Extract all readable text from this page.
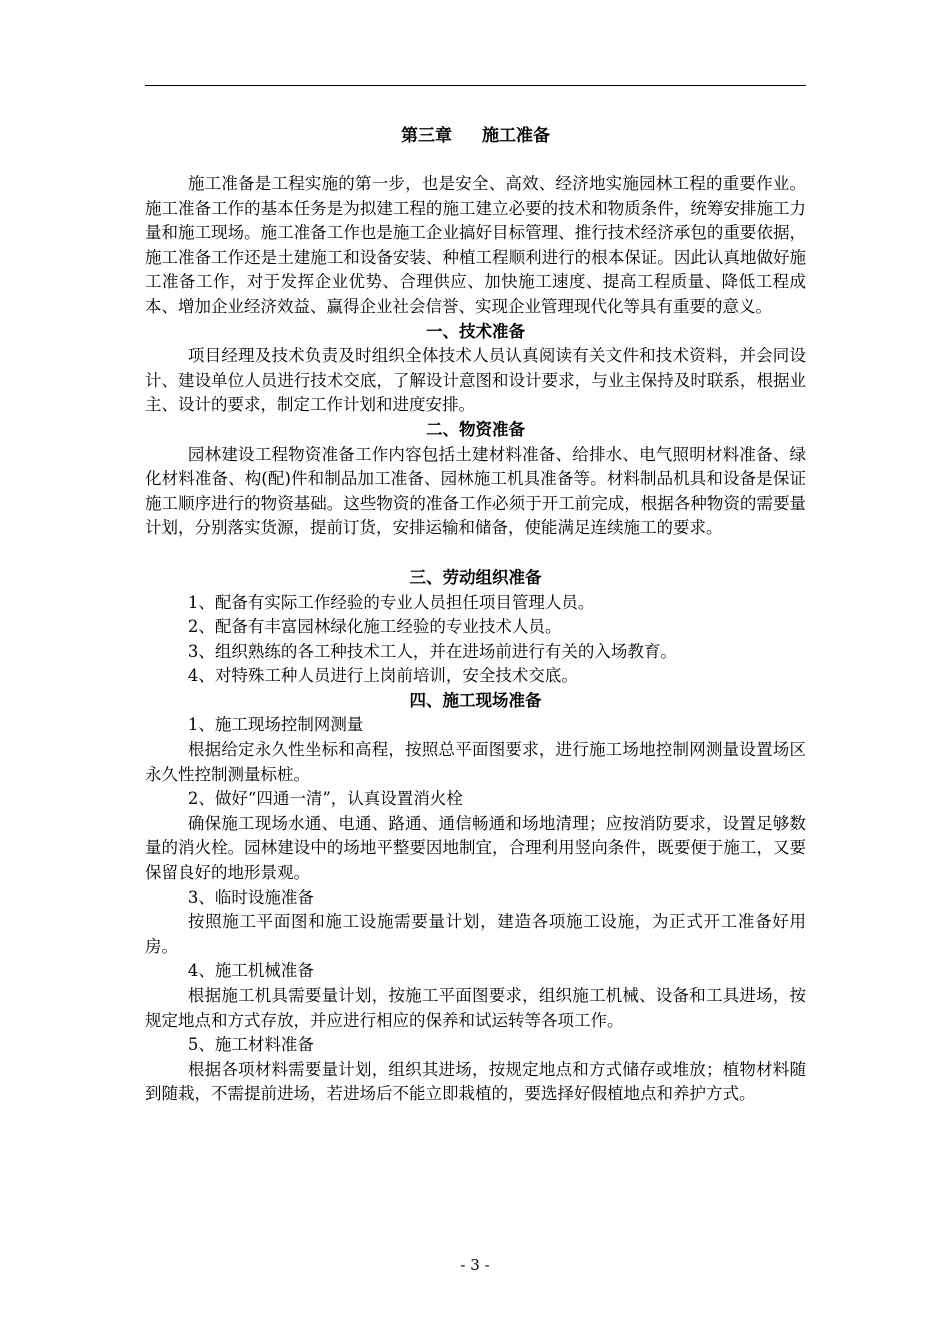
第三章 施工准备

施工准备是工程实施的第一步，也是安全、高效、经济地实施园林工程的重要作业。施工准备工作的基本任务是为拟建工程的施工建立必要的技术和物质条件，统筹安排施工力量和施工现场。施工准备工作也是施工企业搞好目标管理、推行技术经济承包的重要依据，施工准备工作还是土建施工和设备安装、种植工程顺利进行的根本保证。因此认真地做好施工准备工作，对于发挥企业优势、合理供应、加快施工速度、提高工程质量、降低工程成本、增加企业经济效益、赢得企业社会信誉、实现企业管理现代化等具有重要的意义。

一、技术准备

项目经理及技术负责及时组织全体技术人员认真阅读有关文件和技术资料，并会同设计、建设单位人员进行技术交底，了解设计意图和设计要求，与业主保持及时联系，根据业主、设计的要求，制定工作计划和进度安排。

二、物资准备

园林建设工程物资准备工作内容包括土建材料准备、给排水、电气照明材料准备、绿化材料准备、构(配)件和制品加工准备、园林施工机具准备等。材料制品机具和设备是保证施工顺序进行的物资基础。这些物资的准备工作必须于开工前完成，根据各种物资的需要量计划，分别落实货源，提前订货，安排运输和储备，使能满足连续施工的要求。

三、劳动组织准备

1、配备有实际工作经验的专业人员担任项目管理人员。

2、配备有丰富园林绿化施工经验的专业技术人员。

3、组织熟练的各工种技术工人，并在进场前进行有关的入场教育。

4、对特殊工种人员进行上岗前培训，安全技术交底。

四、施工现场准备

1、施工现场控制网测量

根据给定永久性坐标和高程，按照总平面图要求，进行施工场地控制网测量设置场区永久性控制测量标桩。

2、做好“四通一清”，认真设置消火栓

确保施工现场水通、电通、路通、通信畅通和场地清理；应按消防要求，设置足够数量的消火栓。园林建设中的场地平整要因地制宜，合理利用竖向条件，既要便于施工，又要保留良好的地形景观。

3、临时设施准备

按照施工平面图和施工设施需要量计划，建造各项施工设施，为正式开工准备好用房。

4、施工机械准备

根据施工机具需要量计划，按施工平面图要求，组织施工机械、设备和工具进场，按规定地点和方式存放，并应进行相应的保养和试运转等各项工作。

5、施工材料准备

根据各项材料需要量计划，组织其进场，按规定地点和方式储存或堆放；植物材料随到随栽，不需提前进场，若进场后不能立即栽植的，要选择好假植地点和养护方式。

- 3 -
